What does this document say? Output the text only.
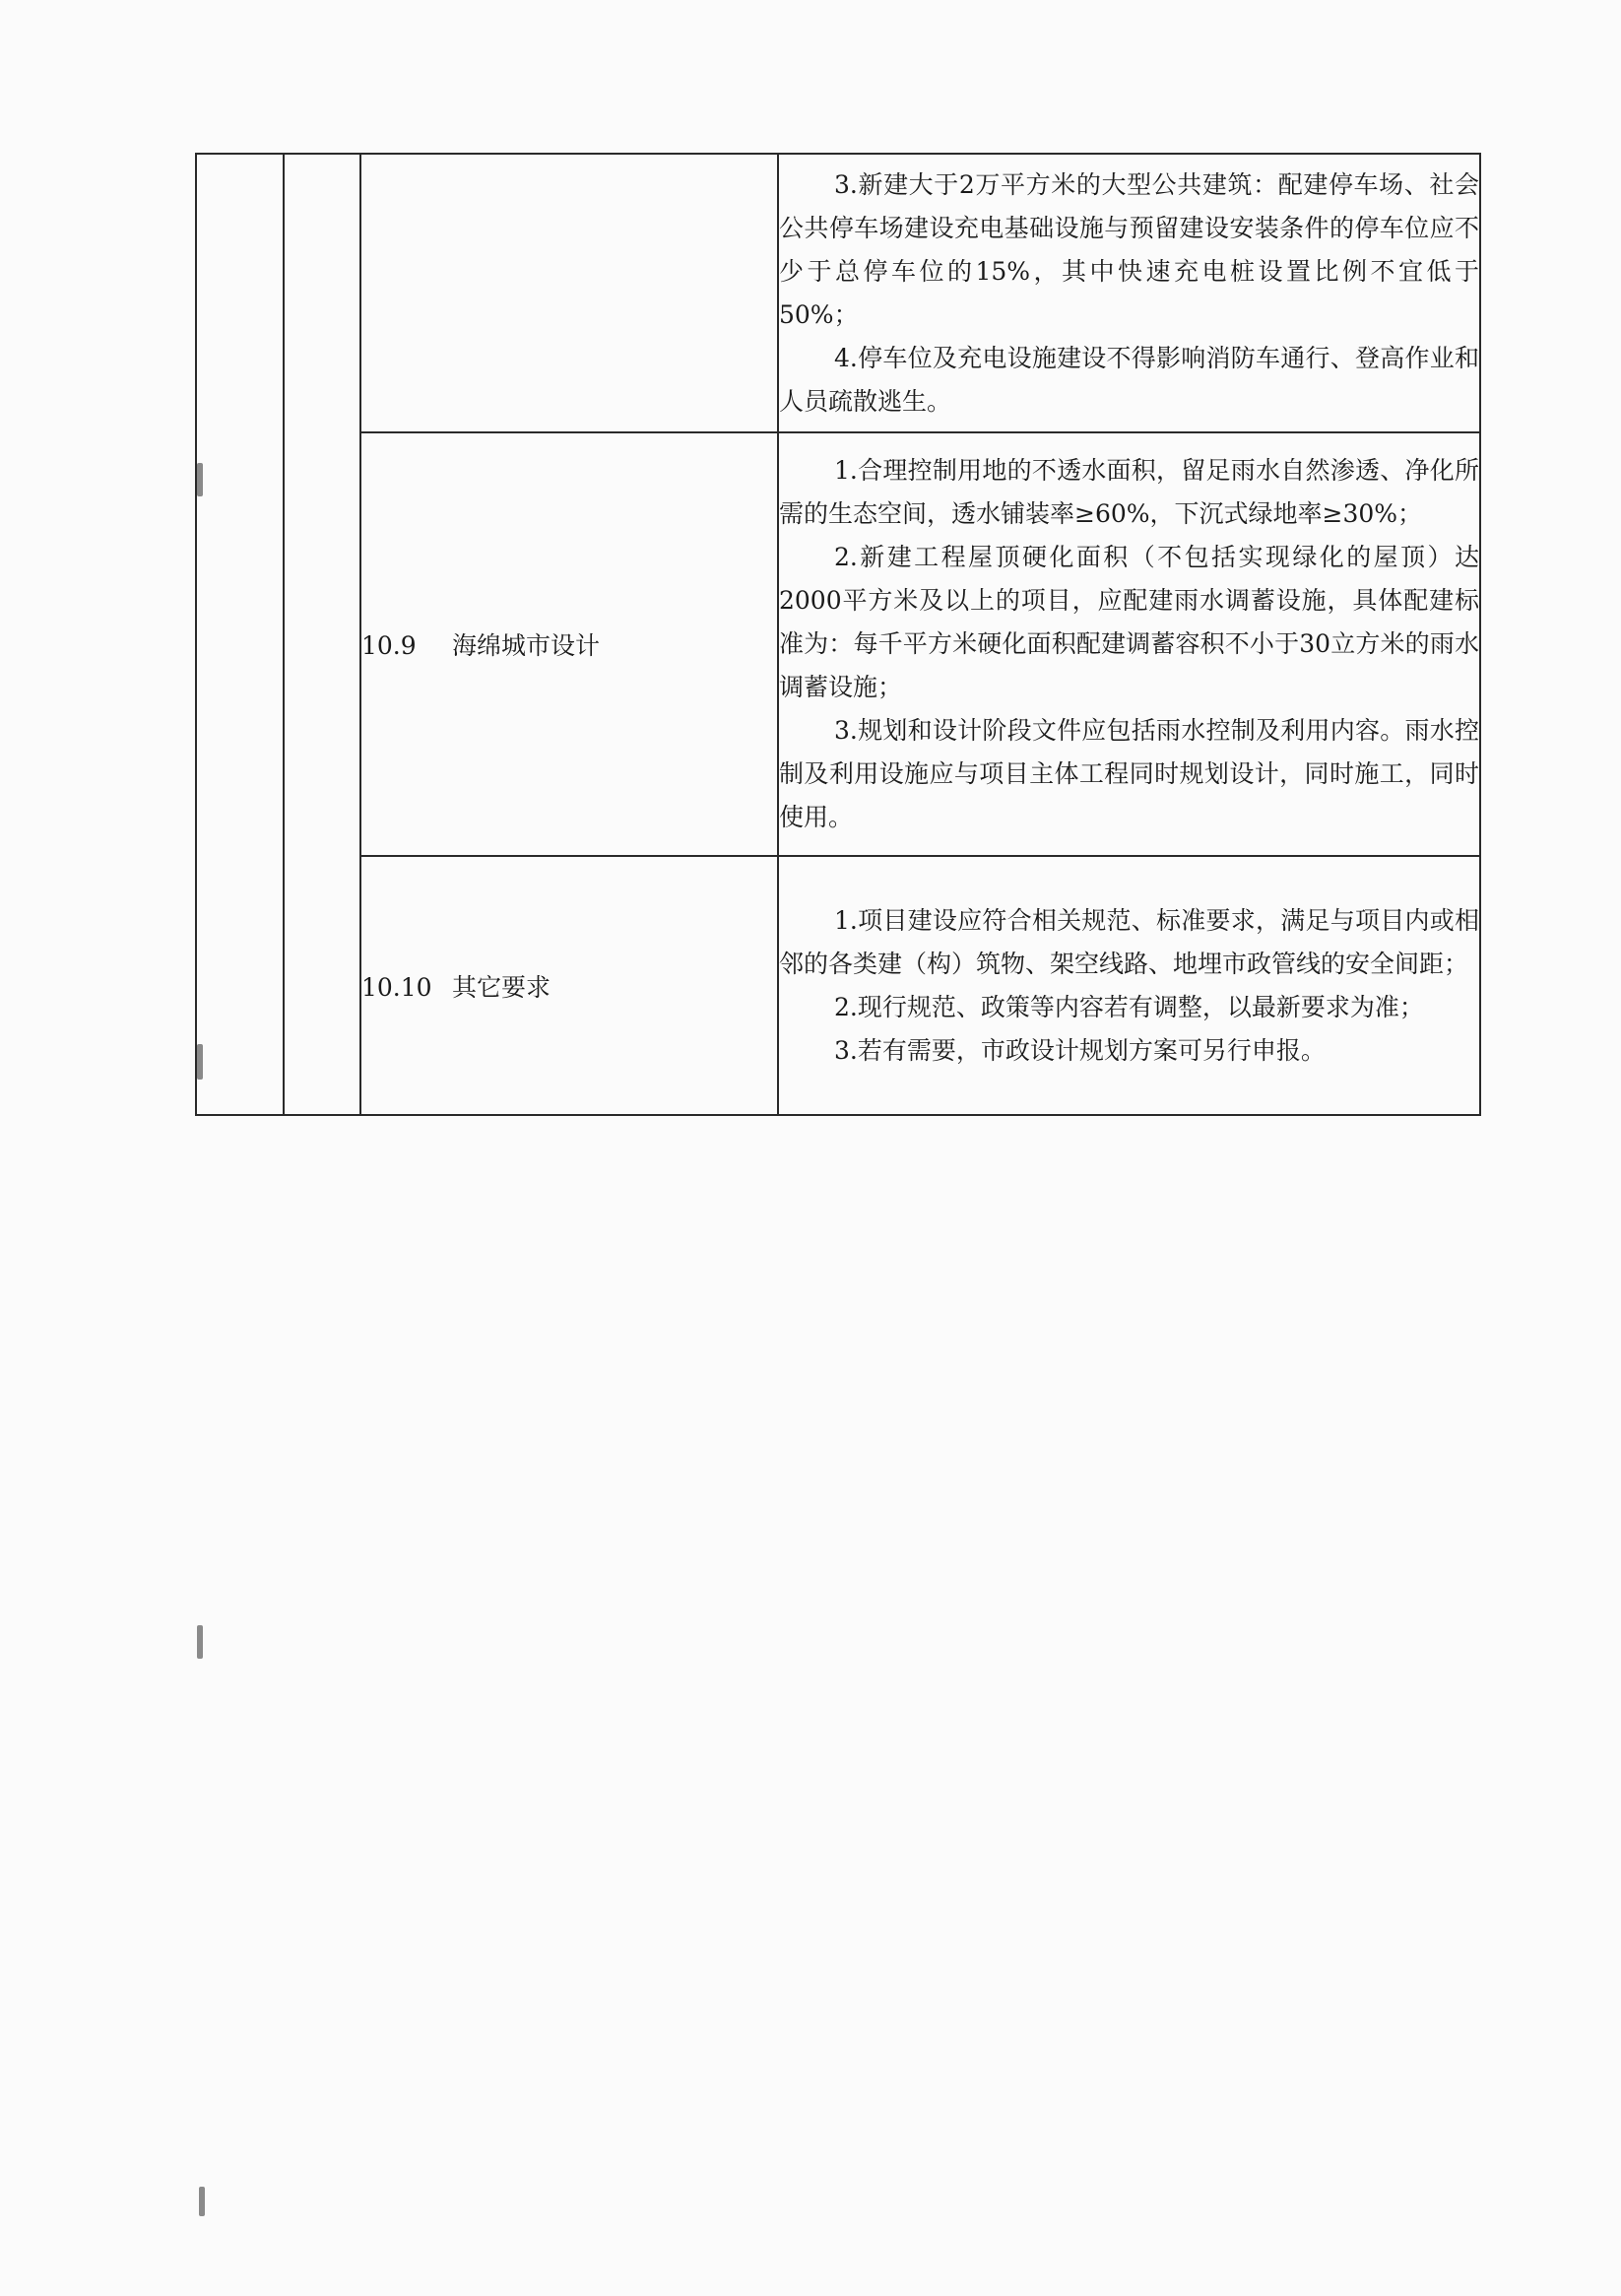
			3.新建大于2万平方米的大型公共建筑：配建停车场、社会公共停车场建设充电基础设施与预留建设安装条件的停车位应不少于总停车位的15%，其中快速充电桩设置比例不宜低于50%；

4.停车位及充电设施建设不得影响消防车通行、登高作业和人员疏散逃生。

		10.9 海绵城市设计	1.合理控制用地的不透水面积，留足雨水自然渗透、净化所需的生态空间，透水铺装率≥60%，下沉式绿地率≥30%；

2.新建工程屋顶硬化面积（不包括实现绿化的屋顶）达2000平方米及以上的项目，应配建雨水调蓄设施，具体配建标准为：每千平方米硬化面积配建调蓄容积不小于30立方米的雨水调蓄设施；

3.规划和设计阶段文件应包括雨水控制及利用内容。雨水控制及利用设施应与项目主体工程同时规划设计，同时施工，同时使用。

		10.10 其它要求	1.项目建设应符合相关规范、标准要求，满足与项目内或相邻的各类建（构）筑物、架空线路、地埋市政管线的安全间距；

2.现行规范、政策等内容若有调整，以最新要求为准；

3.若有需要，市政设计规划方案可另行申报。
